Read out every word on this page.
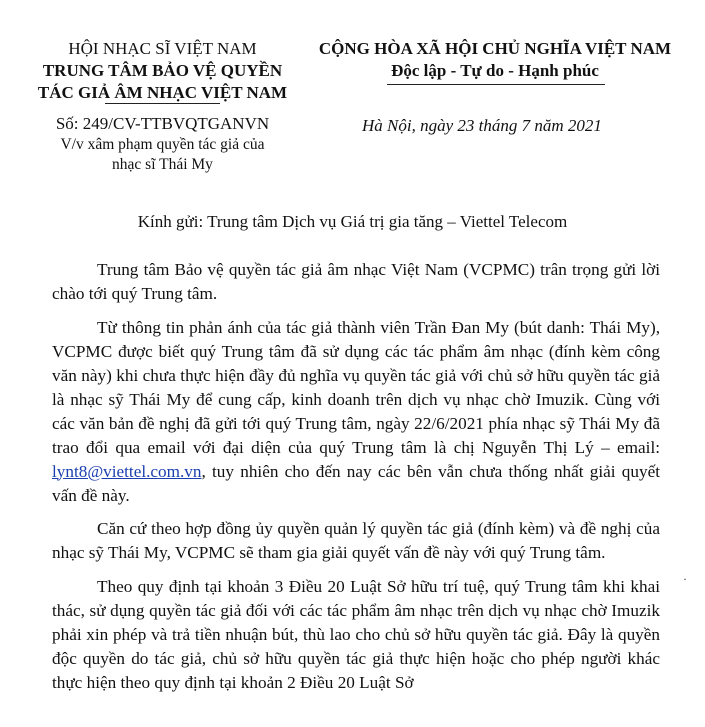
HỘI NHẠC SĨ VIỆT NAM
TRUNG TÂM BẢO VỆ QUYỀN
TÁC GIẢ ÂM NHẠC VIỆT NAM
CỘNG HÒA XÃ HỘI CHỦ NGHĨA VIỆT NAM
Độc lập - Tự do - Hạnh phúc
Số: 249/CV-TTBVQTGANVN
V/v xâm phạm quyền tác giả của
nhạc sĩ Thái My
Hà Nội, ngày 23 tháng 7 năm 2021
Kính gửi: Trung tâm Dịch vụ Giá trị gia tăng – Viettel Telecom

Trung tâm Bảo vệ quyền tác giả âm nhạc Việt Nam (VCPMC) trân trọng gửi lời chào tới quý Trung tâm.

Từ thông tin phản ánh của tác giả thành viên Trần Đan My (bút danh: Thái My), VCPMC được biết quý Trung tâm đã sử dụng các tác phẩm âm nhạc (đính kèm công văn này) khi chưa thực hiện đầy đủ nghĩa vụ quyền tác giả với chủ sở hữu quyền tác giả là nhạc sỹ Thái My để cung cấp, kinh doanh trên dịch vụ nhạc chờ Imuzik. Cùng với các văn bản đề nghị đã gửi tới quý Trung tâm, ngày 22/6/2021 phía nhạc sỹ Thái My đã trao đổi qua email với đại diện của quý Trung tâm là chị Nguyễn Thị Lý – email: lynt8@viettel.com.vn, tuy nhiên cho đến nay các bên vẫn chưa thống nhất giải quyết vấn đề này.

Căn cứ theo hợp đồng ủy quyền quản lý quyền tác giả (đính kèm) và đề nghị của nhạc sỹ Thái My, VCPMC sẽ tham gia giải quyết vấn đề này với quý Trung tâm.

Theo quy định tại khoản 3 Điều 20 Luật Sở hữu trí tuệ, quý Trung tâm khi khai thác, sử dụng quyền tác giả đối với các tác phẩm âm nhạc trên dịch vụ nhạc chờ Imuzik phải xin phép và trả tiền nhuận bút, thù lao cho chủ sở hữu quyền tác giả. Đây là quyền độc quyền do tác giả, chủ sở hữu quyền tác giả thực hiện hoặc cho phép người khác thực hiện theo quy định tại khoản 2 Điều 20 Luật Sở

·
